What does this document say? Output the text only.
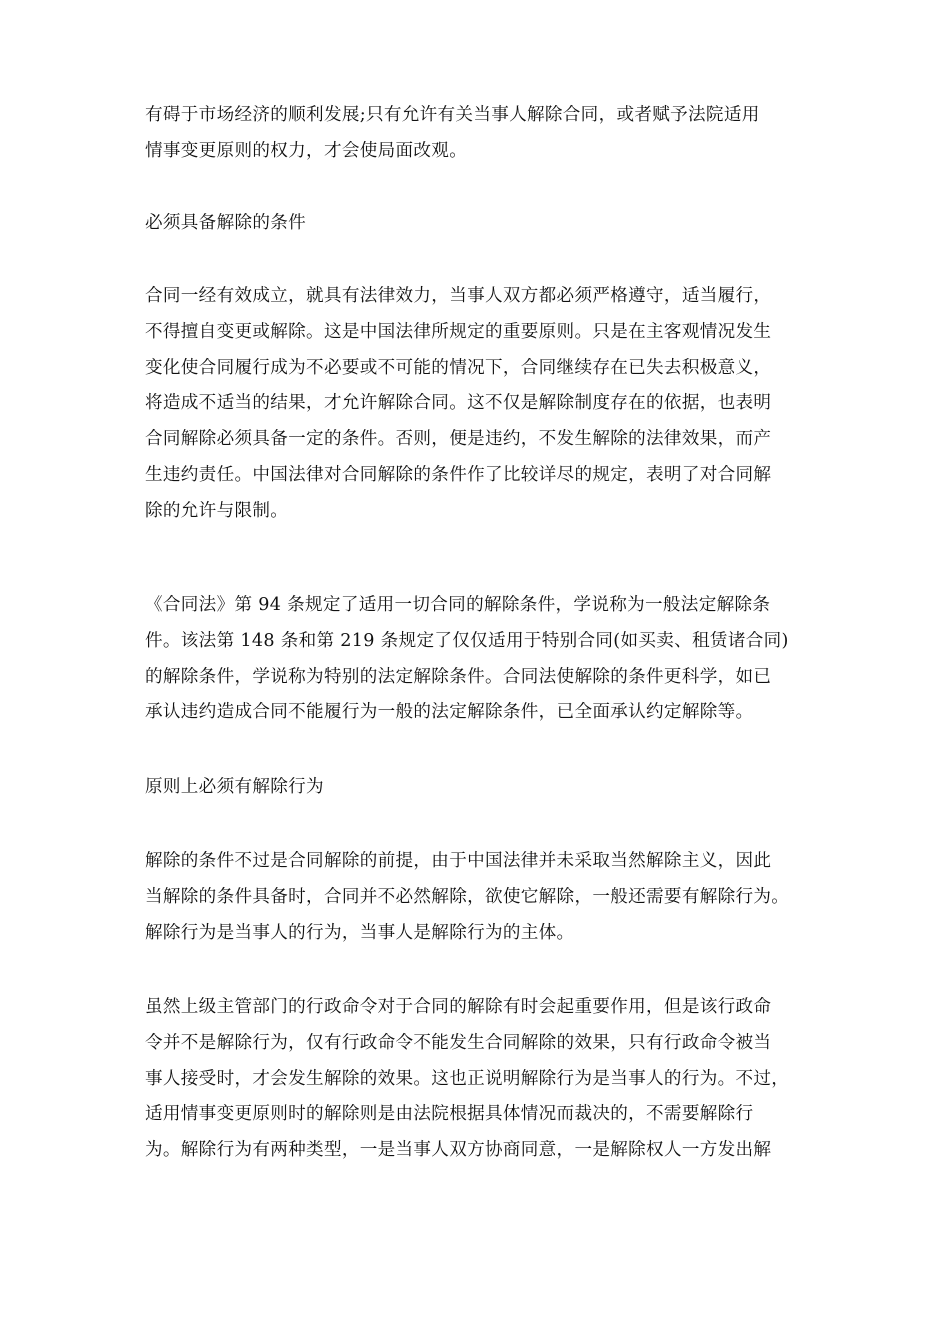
有碍于市场经济的顺利发展;只有允许有关当事人解除合同，或者赋予法院适用
情事变更原则的权力，才会使局面改观。

必须具备解除的条件

合同一经有效成立，就具有法律效力，当事人双方都必须严格遵守，适当履行，
不得擅自变更或解除。这是中国法律所规定的重要原则。只是在主客观情况发生
变化使合同履行成为不必要或不可能的情况下，合同继续存在已失去积极意义，
将造成不适当的结果，才允许解除合同。这不仅是解除制度存在的依据，也表明
合同解除必须具备一定的条件。否则，便是违约，不发生解除的法律效果，而产
生违约责任。中国法律对合同解除的条件作了比较详尽的规定，表明了对合同解
除的允许与限制。

《合同法》第 94 条规定了适用一切合同的解除条件，学说称为一般法定解除条
件。该法第 148 条和第 219 条规定了仅仅适用于特别合同(如买卖、租赁诸合同)
的解除条件，学说称为特别的法定解除条件。合同法使解除的条件更科学，如已
承认违约造成合同不能履行为一般的法定解除条件，已全面承认约定解除等。

原则上必须有解除行为

解除的条件不过是合同解除的前提，由于中国法律并未采取当然解除主义，因此
当解除的条件具备时，合同并不必然解除，欲使它解除，一般还需要有解除行为。
解除行为是当事人的行为，当事人是解除行为的主体。

虽然上级主管部门的行政命令对于合同的解除有时会起重要作用，但是该行政命
令并不是解除行为，仅有行政命令不能发生合同解除的效果，只有行政命令被当
事人接受时，才会发生解除的效果。这也正说明解除行为是当事人的行为。不过，
适用情事变更原则时的解除则是由法院根据具体情况而裁决的，不需要解除行
为。解除行为有两种类型，一是当事人双方协商同意，一是解除权人一方发出解
